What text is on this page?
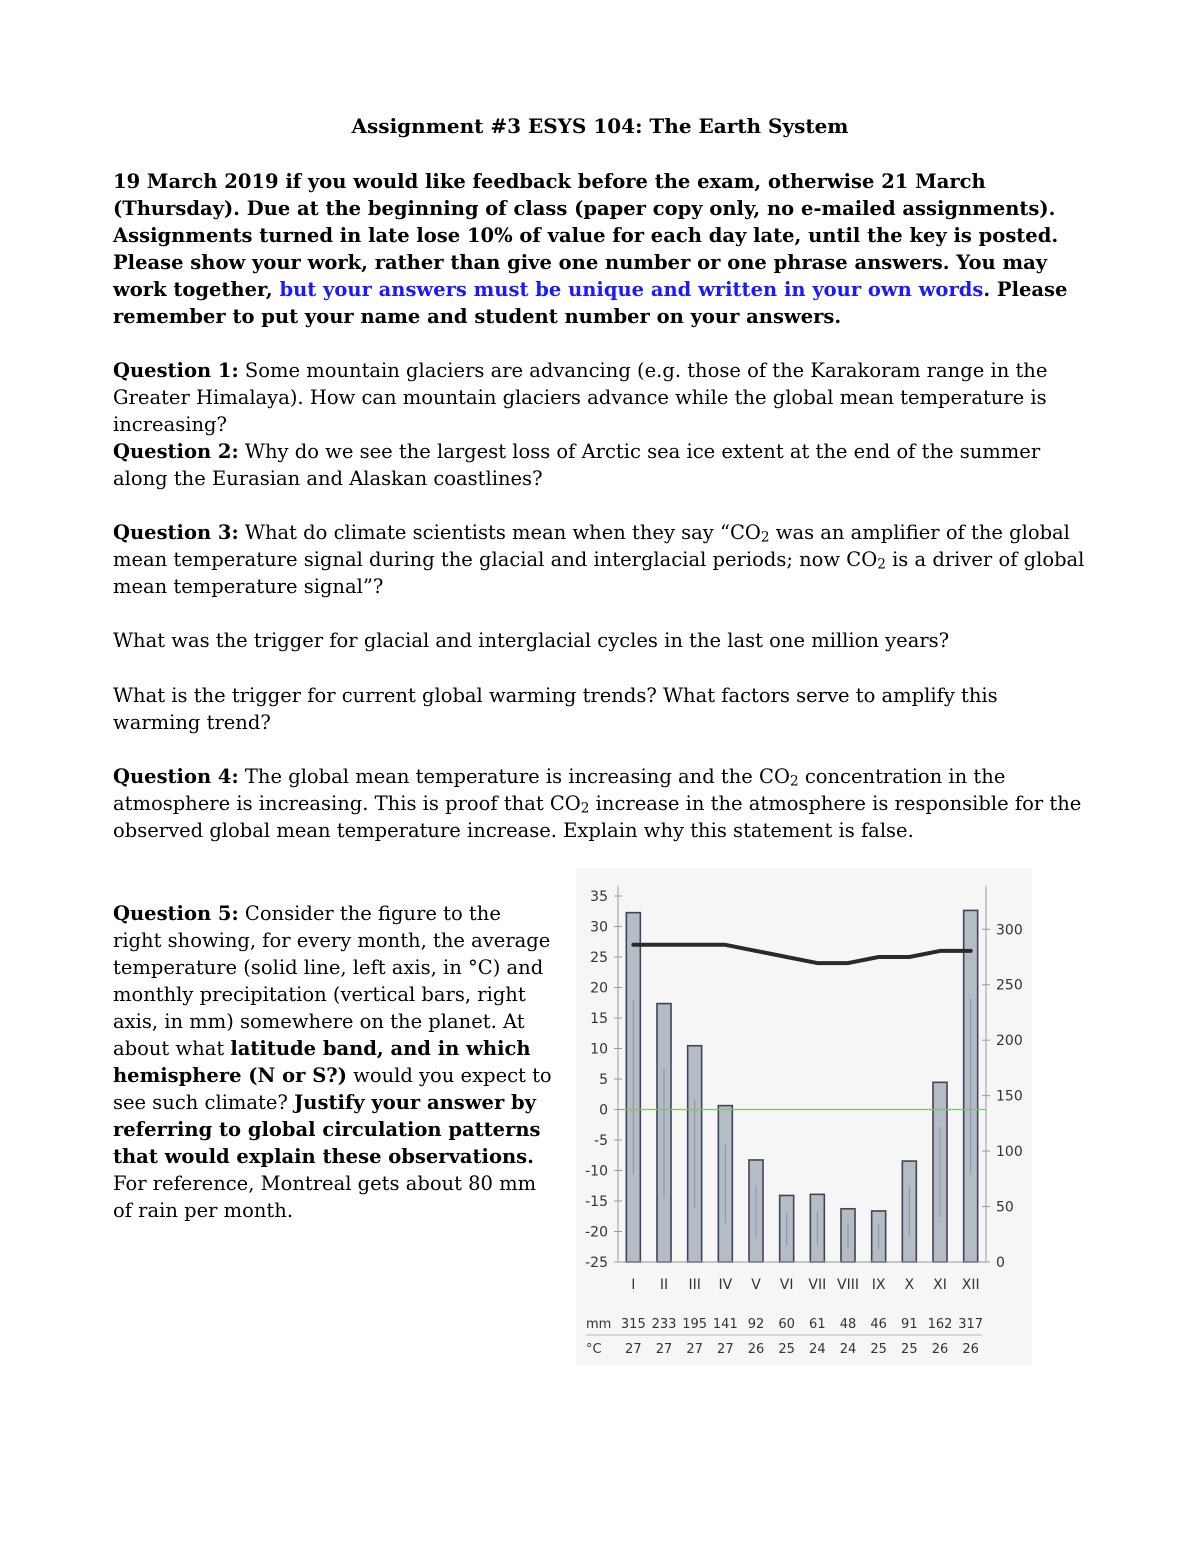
Assignment #3 ESYS 104: The Earth System

19 March 2019 if you would like feedback before the exam, otherwise 21 March (Thursday). Due at the beginning of class (paper copy only, no e-mailed assignments). Assignments turned in late lose 10% of value for each day late, until the key is posted. Please show your work, rather than give one number or one phrase answers. You may work together, but your answers must be unique and written in your own words. Please remember to put your name and student number on your answers.

Question 1: Some mountain glaciers are advancing (e.g. those of the Karakoram range in the Greater Himalaya). How can mountain glaciers advance while the global mean temperature is increasing?

Question 2: Why do we see the largest loss of Arctic sea ice extent at the end of the summer along the Eurasian and Alaskan coastlines?

Question 3: What do climate scientists mean when they say “$CO_2$ was an amplifier of the global mean temperature signal during the glacial and interglacial periods; now $CO_2$ is a driver of global mean temperature signal”?

What was the trigger for glacial and interglacial cycles in the last one million years?

What is the trigger for current global warming trends? What factors serve to amplify this warming trend?

Question 4: The global mean temperature is increasing and the $CO_2$ concentration in the atmosphere is increasing. This is proof that $CO_2$ increase in the atmosphere is responsible for the observed global mean temperature increase. Explain why this statement is false.

Question 5: Consider the figure to the right showing, for every month, the average temperature (solid line, left axis, in °C) and monthly precipitation (vertical bars, right axis, in mm) somewhere on the planet. At about what latitude band, and in which hemisphere (N or S?) would you expect to see such climate? Justify your answer by referring to global circulation patterns that would explain these observations. For reference, Montreal gets about 80 mm of rain per month.

35
30
25
20
15
10
5
0
-5
-10
-15
-20
-25
300
250
200
150
100
50
0
I II III IV V VI VII VIII IX X XI XII
mm
°C
315 233 195 141 92 60 61 48 46 91 162 317
27 27 27 27 26 25 24 24 25 25 26 26
